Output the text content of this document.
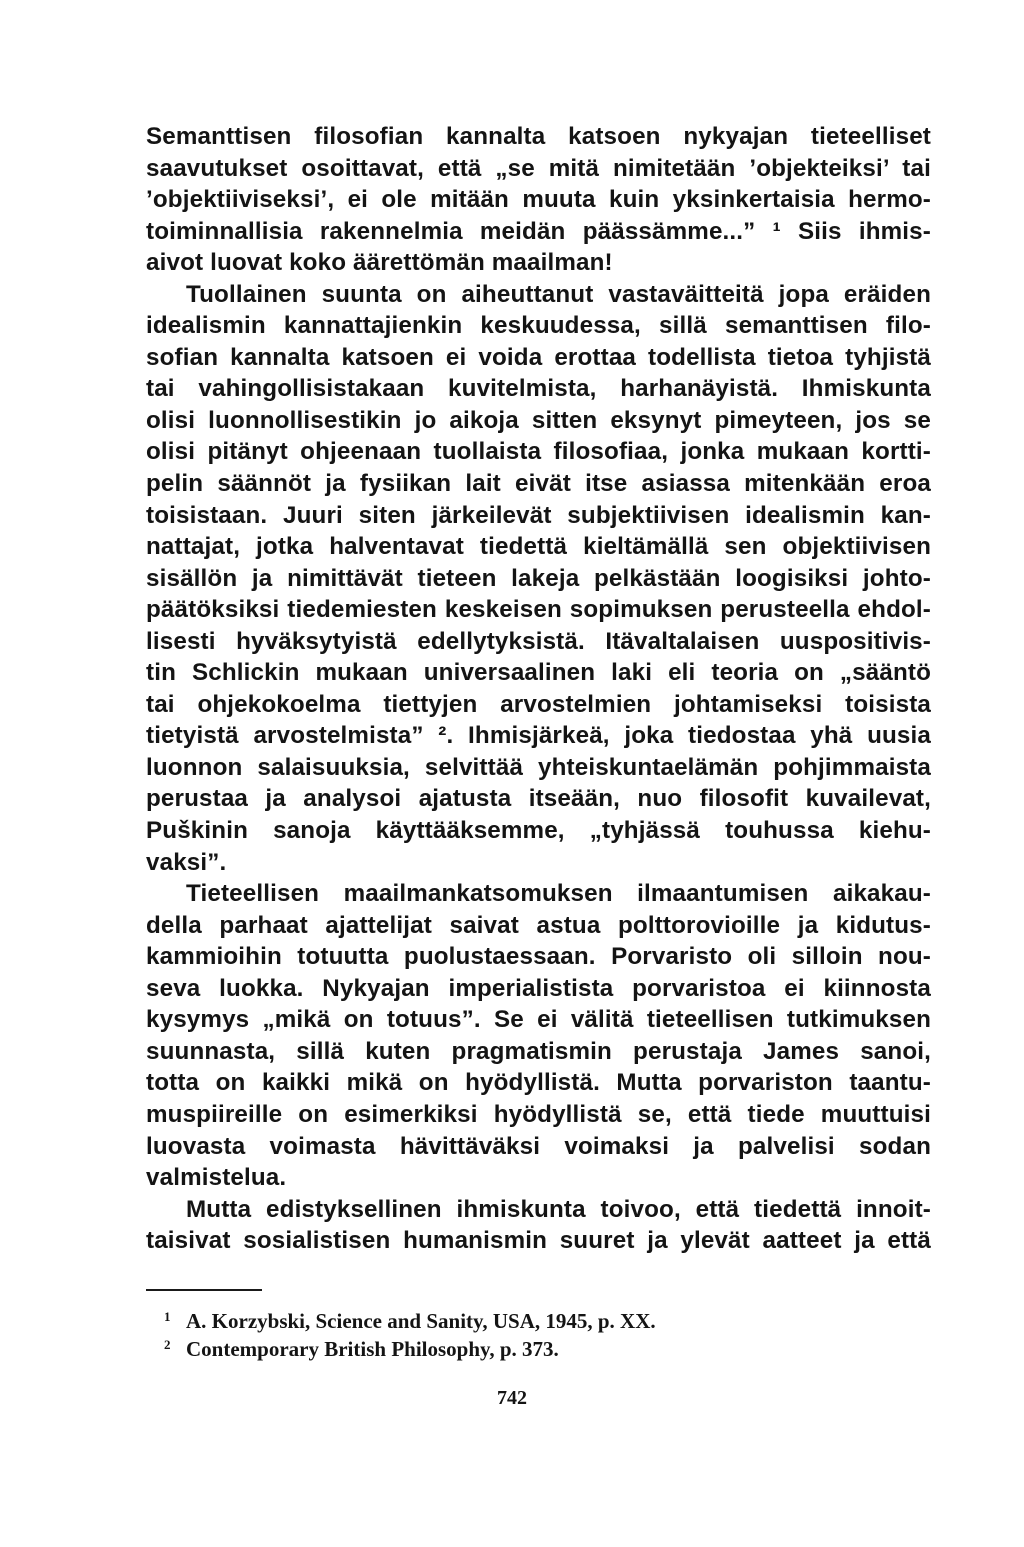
Semanttisen filosofian kannalta katsoen nykyajan tieteelliset
saavutukset osoittavat, että „se mitä nimitetään ’objekteiksi’ tai
’objektiiviseksi’, ei ole mitään muuta kuin yksinkertaisia hermo-
toiminnallisia rakennelmia meidän päässämme...” ¹ Siis ihmis-
aivot luovat koko äärettömän maailman!
Tuollainen suunta on aiheuttanut vastaväitteitä jopa eräiden
idealismin kannattajienkin keskuudessa, sillä semanttisen filo-
sofian kannalta katsoen ei voida erottaa todellista tietoa tyhjistä
tai vahingollisistakaan kuvitelmista, harhanäyistä. Ihmiskunta
olisi luonnollisestikin jo aikoja sitten eksynyt pimeyteen, jos se
olisi pitänyt ohjeenaan tuollaista filosofiaa, jonka mukaan kortti-
pelin säännöt ja fysiikan lait eivät itse asiassa mitenkään eroa
toisistaan. Juuri siten järkeilevät subjektiivisen idealismin kan-
nattajat, jotka halventavat tiedettä kieltämällä sen objektiivisen
sisällön ja nimittävät tieteen lakeja pelkästään loogisiksi johto-
päätöksiksi tiedemiesten keskeisen sopimuksen perusteella ehdol-
lisesti hyväksytyistä edellytyksistä. Itävaltalaisen uuspositivis-
tin Schlickin mukaan universaalinen laki eli teoria on „sääntö
tai ohjekokoelma tiettyjen arvostelmien johtamiseksi toisista
tietyistä arvostelmista” ². Ihmisjärkeä, joka tiedostaa yhä uusia
luonnon salaisuuksia, selvittää yhteiskuntaelämän pohjimmaista
perustaa ja analysoi ajatusta itseään, nuo filosofit kuvailevat,
Puškinin sanoja käyttääksemme, „tyhjässä touhussa kiehu-
vaksi”.
Tieteellisen maailmankatsomuksen ilmaantumisen aikakau-
della parhaat ajattelijat saivat astua polttorovioille ja kidutus-
kammioihin totuutta puolustaessaan. Porvaristo oli silloin nou-
seva luokka. Nykyajan imperialistista porvaristoa ei kiinnosta
kysymys „mikä on totuus”. Se ei välitä tieteellisen tutkimuksen
suunnasta, sillä kuten pragmatismin perustaja James sanoi,
totta on kaikki mikä on hyödyllistä. Mutta porvariston taantu-
muspiireille on esimerkiksi hyödyllistä se, että tiede muuttuisi
luovasta voimasta hävittäväksi voimaksi ja palvelisi sodan
valmistelua.
Mutta edistyksellinen ihmiskunta toivoo, että tiedettä innoit-
taisivat sosialistisen humanismin suuret ja ylevät aatteet ja että
1 A. Korzybski, Science and Sanity, USA, 1945, p. XX.
2 Contemporary British Philosophy, p. 373.
742
